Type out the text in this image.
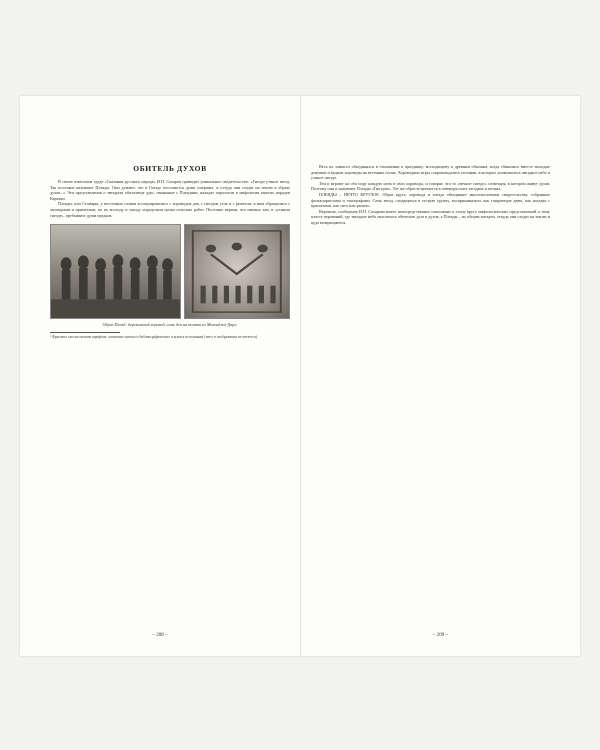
ОБИТЕЛЬ ДУХОВ

В своем известном труде «Сказания русского народа» И.П. Сахаров приводит уникальное свидетельство: «Гнездо утиное звезд. Так поселяне называют Плеяды. Они думают, что в Гнезде поселяются души умерших, и оттуда они сходят на землю в образе духов...» Эти представления о звездном обиталище душ, связанные с Плеядами, находят параллели в мифологии многих народов Евразии.

Плеяды, или Стожары, у восточных славян ассоциировались с хороводом дев, с гнездом уток и с решетом; к ним обращались с заговорами и приметами, по их восходу и заходу определяли сроки сельских работ. Поселяне верили, что именно там, в «утином гнезде», пребывают души предков.

Образ Плеяд: деревенский хоровод, семь дев на печати из Мохенджо-Даро.

¹ Фрагмент сноски мелким шрифтом: латинские цитаты и библиографические ссылки к источникам (текст в изображении не читается).

– 208 –

Весь их замысел объединялся в отношении к празднику, восходящему к древним обычаям, когда сбивались вместе молодые девушки и водили хороводы на весенних полях. Хороводные игры сопровождались песнями, в которых упоминалось звездное небо и утиное гнездо.

Тем и играют на сём пору каждую ночь в свои хороводы, и говорят, что то «вечное гнездо» созвездия, в котором живут души. Поэтому они и называют Плеяды «Гнездом». Тот же образ встречается в северорусских загадках и песнях.

ПЛЕЯДЫ – НЕЧТО КРУГЛОЕ. Образ круга, хоровода и гнезда объединяет многочисленные свидетельства, собранные фольклористами и этнографами. Семь звезд, сходящихся в тесную группу, воспринимались как танцующие девы, как наседка с цыплятами, как сито или решето.

Вероятно, сообщение И.П. Сахарова имеет непосредственное отношение к этому кругу мифологических представлений, к тому пласту верований, где звездное небо мыслилось обителью душ и духов, а Плеяды – их общим гнездом, откуда они сходят на землю и куда возвращаются.

– 209 –
